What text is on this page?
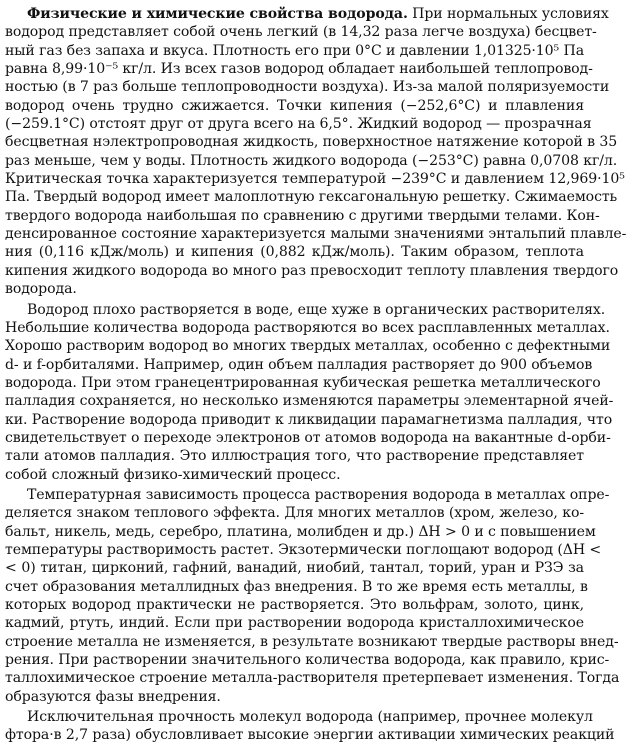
Физические и химические свойства водорода. При нормальных условиях
водород представляет собой очень легкий (в 14,32 раза легче воздуха) бесцвет-
ный газ без запаха и вкуса. Плотность его при 0°C и давлении 1,01325·10⁵ Па
равна 8,99·10⁻⁵ кг/л. Из всех газов водород обладает наибольшей теплопровод-
ностью (в 7 раз больше теплопроводности воздуха). Из-за малой поляризуемости
водород очень трудно сжижается. Точки кипения (−252,6°C) и плавления
(−259.1°C) отстоят друг от друга всего на 6,5°. Жидкий водород — прозрачная
бесцветная нэлектропроводная жидкость, поверхностное натяжение которой в 35
раз меньше, чем у воды. Плотность жидкого водорода (−253°C) равна 0,0708 кг/л.
Критическая точка характеризуется температурой −239°C и давлением 12,969·10⁵
Па. Твердый водород имеет малоплотную гексагональную решетку. Сжимаемость
твердого водорода наибольшая по сравнению с другими твердыми телами. Кон-
денсированное состояние характеризуется малыми значениями энтальпий плавле-
ния (0,116 кДж/моль) и кипения (0,882 кДж/моль). Таким образом, теплота
кипения жидкого водорода во много раз превосходит теплоту плавления твердого
водорода.
Водород плохо растворяется в воде, еще хуже в органических растворителях.
Небольшие количества водорода растворяются во всех расплавленных металлах.
Хорошо растворим водород во многих твердых металлах, особенно с дефектными
d- и f-орбиталями. Например, один объем палладия растворяет до 900 объемов
водорода. При этом гранецентрированная кубическая решетка металлического
палладия сохраняется, но несколько изменяются параметры элементарной ячей-
ки. Растворение водорода приводит к ликвидации парамагнетизма палладия, что
свидетельствует о переходе электронов от атомов водорода на вакантные d-орби-
тали атомов палладия. Это иллюстрация того, что растворение представляет
собой сложный физико-химический процесс.
Температурная зависимость процесса растворения водорода в металлах опре-
деляется знаком теплового эффекта. Для многих металлов (хром, железо, ко-
бальт, никель, медь, серебро, платина, молибден и др.) ΔH > 0 и с повышением
температуры растворимость растет. Экзотермически поглощают водород (ΔH <
< 0) титан, цирконий, гафний, ванадий, ниобий, тантал, торий, уран и РЗЭ за
счет образования металлидных фаз внедрения. В то же время есть металлы, в
которых водород практически не растворяется. Это вольфрам, золото, цинк,
кадмий, ртуть, индий. Если при растворении водорода кристаллохимическое
строение металла не изменяется, в результате возникают твердые растворы внед-
рения. При растворении значительного количества водорода, как правило, крис-
таллохимическое строение металла-растворителя претерпевает изменения. Тогда
образуются фазы внедрения.
Исключительная прочность молекул водорода (например, прочнее молекул
фтора·в 2,7 раза) обусловливает высокие энергии активации химических реакций
